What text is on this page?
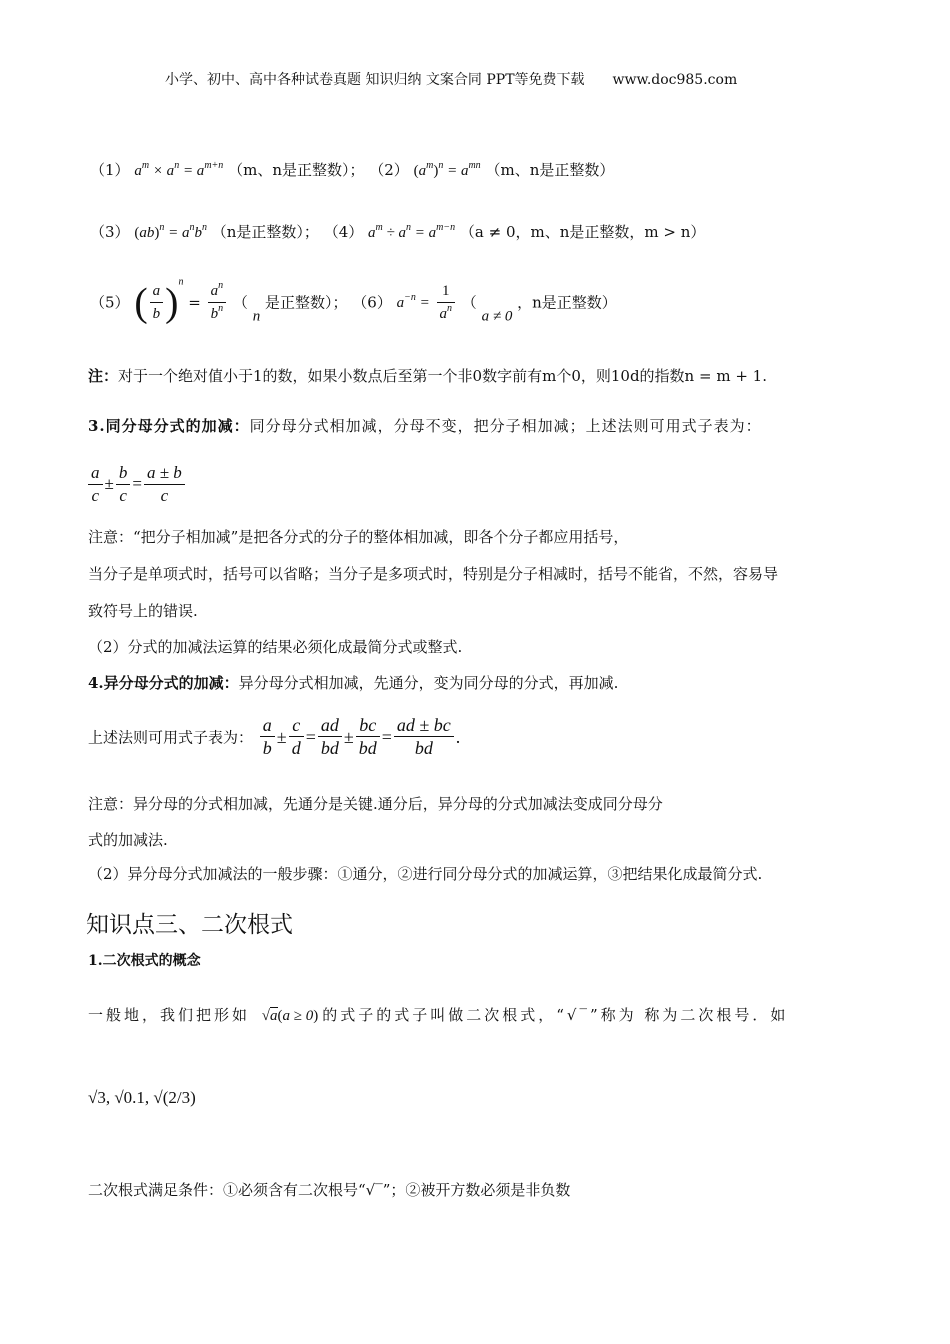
小学、初中、高中各种试卷真题 知识归纳 文案合同 PPT等免费下载　　www.doc985.com
（1） $a^m \times a^n = a^{m+n}$ （m、n是正整数）； （2） $(a^m)^n = a^{mn}$ （m、n是正整数）
（3） $(ab)^n = a^nb^n$ （n是正整数）； （4） $a^m \div a^n = a^{m-n}$ （a ≠ 0，m、n是正整数，m > n）
（5） ( $\frac{a}{b} )^n = \frac{a^n}{b^n}$ （ n 是正整数）； （6） $a^{-n} = \frac{1}{a^n}$ （ a ≠ 0 ，n是正整数）
注：对于一个绝对值小于1的数，如果小数点后至第一个非0数字前有m个0，则10d的指数n = m + 1.
3.同分母分式的加减：同分母分式相加减，分母不变，把分子相加减；上述法则可用式子表为：
$\frac{a}{c} \pm \frac{b}{c} = \frac{a \pm b}{c}$
注意：“把分子相加减”是把各分式的分子的整体相加减，即各个分子都应用括号，
当分子是单项式时，括号可以省略；当分子是多项式时，特别是分子相减时，括号不能省，不然，容易导
致符号上的错误.
（2）分式的加减法运算的结果必须化成最简分式或整式.
4.异分母分式的加减：异分母分式相加减，先通分，变为同分母的分式，再加减.
上述法则可用式子表为： $\frac{a}{b} \pm \frac{c}{d} = \frac{ad}{bd} \pm \frac{bc}{bd} = \frac{ad \pm bc}{bd}$ .
注意：异分母的分式相加减，先通分是关键.通分后，异分母的分式加减法变成同分母分
式的加减法.
（2）异分母分式加减法的一般步骤：①通分，②进行同分母分式的加减运算，③把结果化成最简分式.
知识点三、二次根式
1.二次根式的概念
一般地，我们把形如 √a(a ≥ 0) 的式子的式子叫做二次根式，“√‾”称为 称为二次根号．如
√3, √0.1, √(2/3)
二次根式满足条件：①必须含有二次根号“√‾”；②被开方数必须是非负数
